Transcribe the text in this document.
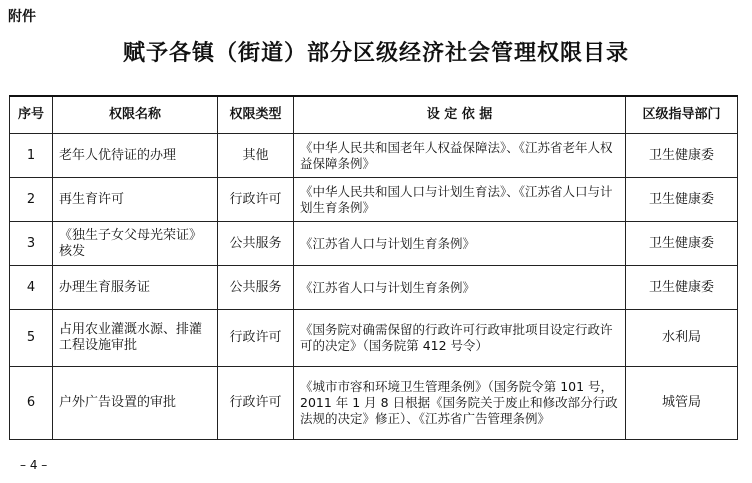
附件
赋予各镇（街道）部分区级经济社会管理权限目录
序号	权限名称	权限类型	设 定 依 据	区级指导部门
1	老年人优待证的办理	其他	《中华人民共和国老年人权益保障法》、《江苏省老年人权益保障条例》	卫生健康委
2	再生育许可	行政许可	《中华人民共和国人口与计划生育法》、《江苏省人口与计划生育条例》	卫生健康委
3	《独生子女父母光荣证》核发	公共服务	《江苏省人口与计划生育条例》	卫生健康委
4	办理生育服务证	公共服务	《江苏省人口与计划生育条例》	卫生健康委
5	占用农业灌溉水源、排灌工程设施审批	行政许可	《国务院对确需保留的行政许可行政审批项目设定行政许可的决定》（国务院第 412 号令）	水利局
6	户外广告设置的审批	行政许可	《城市市容和环境卫生管理条例》（国务院令第 101 号，2011 年 1 月 8 日根据《国务院关于废止和修改部分行政法规的决定》修正）、《江苏省广告管理条例》	城管局
– 4 –
